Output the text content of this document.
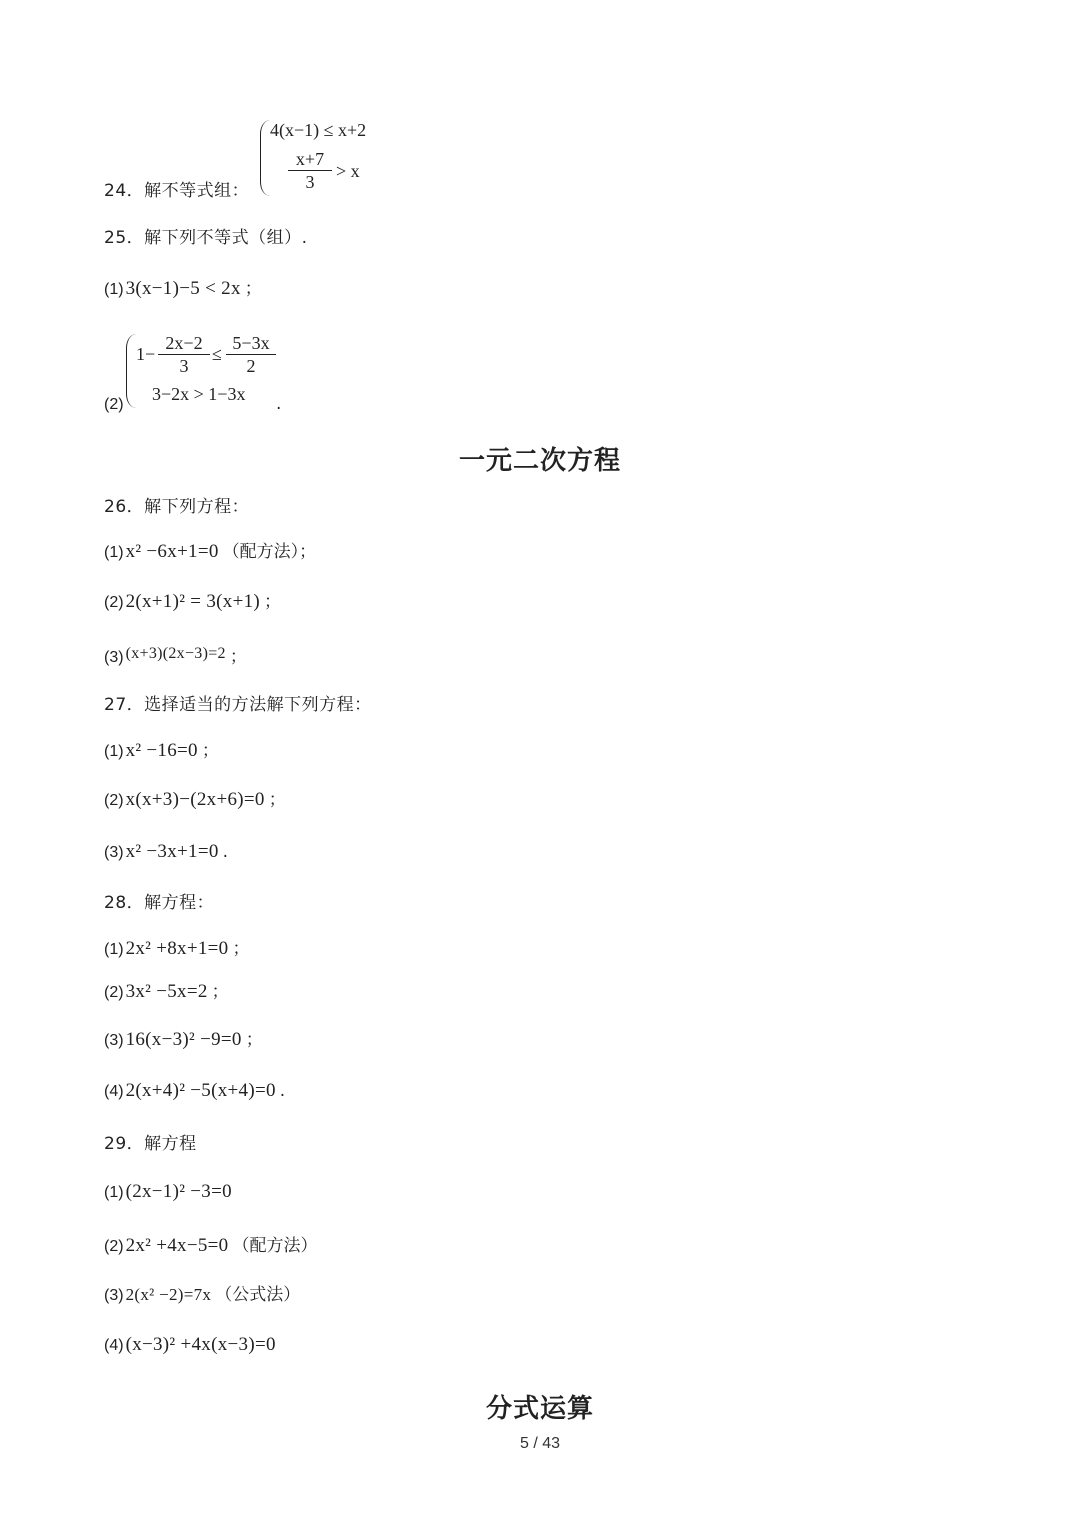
24．解不等式组：
4(x−1) ≤ x+2
$\frac{x+7}{3} > x$
25．解下列不等式（组）.
(1) 3(x−1)−5 < 2x ；
(2)
$1- \frac{2x-2}{3} \le \frac{5-3x}{2}$
3−2x > 1−3x .
一元二次方程
26．解下列方程：
(1) x² −6x+1=0 （配方法）；
(2) 2(x+1)² = 3(x+1) ；
(3) (x+3)(2x−3)=2 ；
27．选择适当的方法解下列方程：
(1) x² −16=0 ；
(2) x(x+3)−(2x+6)=0 ；
(3) x² −3x+1=0 .
28．解方程：
(1) 2x² +8x+1=0 ；
(2) 3x² −5x=2 ；
(3) 16(x−3)² −9=0 ；
(4) 2(x+4)² −5(x+4)=0 .
29．解方程
(1) (2x−1)² −3=0
(2) 2x² +4x−5=0 （配方法）
(3) 2(x² −2)=7x （公式法）
(4) (x−3)² +4x(x−3)=0
分式运算
5 / 43
